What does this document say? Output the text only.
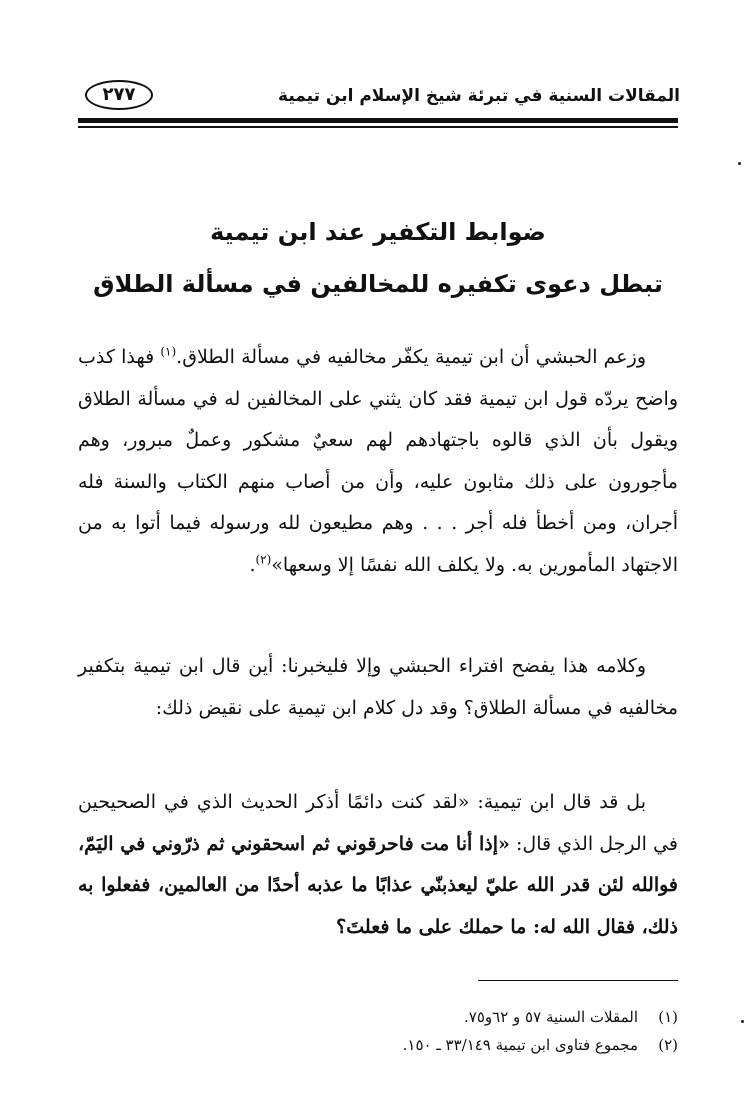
المقالات السنية في تبرئة شيخ الإسلام ابن تيمية
٢٧٧
ضوابط التكفير عند ابن تيمية
تبطل دعوى تكفيره للمخالفين في مسألة الطلاق

وزعم الحبشي أن ابن تيمية يكفّر مخالفيه في مسألة الطلاق.$^{(١)}$ فهذا كذب واضح يردّه قول ابن تيمية فقد كان يثني على المخالفين له في مسألة الطلاق ويقول بأن الذي قالوه باجتهادهم لهم سعيٌ مشكور وعملٌ مبرور، وهم مأجورون على ذلك مثابون عليه، وأن من أصاب منهم الكتاب والسنة فله أجران، ومن أخطأ فله أجر . . . وهم مطيعون لله ورسوله فيما أتوا به من الاجتهاد المأمورين به. ولا يكلف الله نفسًا إلا وسعها»$^{(٢)}$.

وكلامه هذا يفضح افتراء الحبشي وإلا فليخبرنا: أين قال ابن تيمية بتكفير مخالفيه في مسألة الطلاق؟ وقد دل كلام ابن تيمية على نقيض ذلك:

بل قد قال ابن تيمية: «لقد كنت دائمًا أذكر الحديث الذي في الصحيحين في الرجل الذي قال: «إذا أنا مت فاحرقوني ثم اسحقوني ثم ذرّوني في اليَمّ، فوالله لئن قدر الله عليّ ليعذبنّي عذابًا ما عذبه أحدًا من العالمين، ففعلوا به ذلك، فقال الله له: ما حملك على ما فعلتَ؟

(١)المقلات السنية ٥٧ و ٦٢و٧٥.
(٢)مجموع فتاوى ابن تيمية ٣٣/١٤٩ ـ ١٥٠.
